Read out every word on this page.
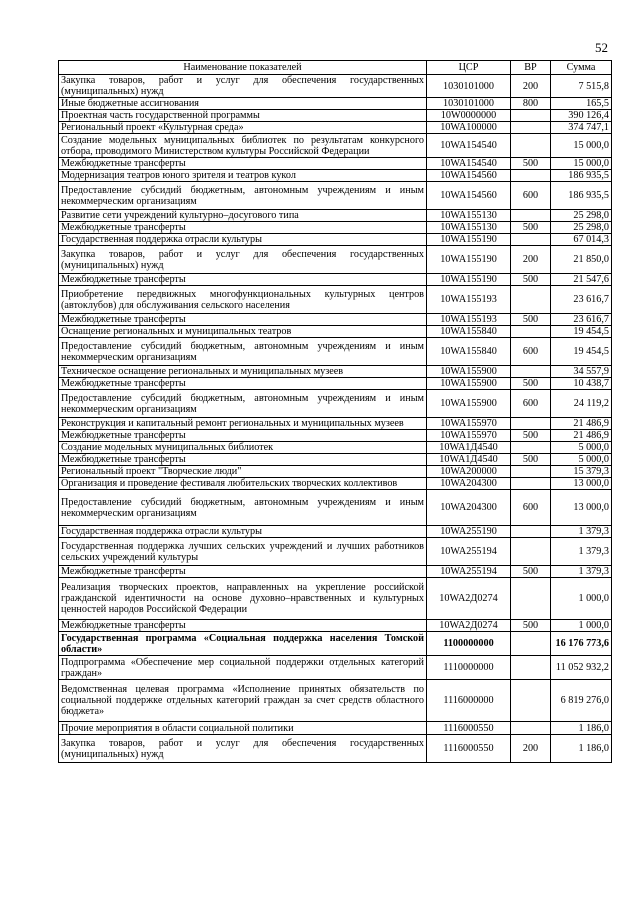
52
Наименование показателей	ЦСР	ВР	Сумма
Закупка товаров, работ и услуг для обеспечения государственных (муниципальных) нужд	1030101000	200	7 515,8
Иные бюджетные ассигнования	1030101000	800	165,5
Проектная часть государственной программы	10W0000000		390 126,4
Региональный проект «Культурная среда»	10WA100000		374 747,1
Создание модельных муниципальных библиотек по результатам конкурсного отбора, проводимого Министерством культуры Российской Федерации	10WA154540		15 000,0
Межбюджетные трансферты	10WA154540	500	15 000,0
Модернизация театров юного зрителя и театров кукол	10WA154560		186 935,5
Предоставление субсидий бюджетным, автономным учреждениям и иным некоммерческим организациям	10WA154560	600	186 935,5
Развитие сети учреждений культурно–досугового типа	10WA155130		25 298,0
Межбюджетные трансферты	10WA155130	500	25 298,0
Государственная поддержка отрасли культуры	10WA155190		67 014,3
Закупка товаров, работ и услуг для обеспечения государственных (муниципальных) нужд	10WA155190	200	21 850,0
Межбюджетные трансферты	10WA155190	500	21 547,6
Приобретение передвижных многофункциональных культурных центров (автоклубов) для обслуживания сельского населения	10WA155193		23 616,7
Межбюджетные трансферты	10WA155193	500	23 616,7
Оснащение региональных и муниципальных театров	10WA155840		19 454,5
Предоставление субсидий бюджетным, автономным учреждениям и иным некоммерческим организациям	10WA155840	600	19 454,5
Техническое оснащение региональных и муниципальных музеев	10WA155900		34 557,9
Межбюджетные трансферты	10WA155900	500	10 438,7
Предоставление субсидий бюджетным, автономным учреждениям и иным некоммерческим организациям	10WA155900	600	24 119,2
Реконструкция и капитальный ремонт региональных и муниципальных музеев	10WA155970		21 486,9
Межбюджетные трансферты	10WA155970	500	21 486,9
Создание модельных муниципальных библиотек	10WA1Д4540		5 000,0
Межбюджетные трансферты	10WA1Д4540	500	5 000,0
Региональный проект "Творческие люди"	10WA200000		15 379,3
Организация и проведение фестиваля любительских творческих коллективов	10WA204300		13 000,0
Предоставление субсидий бюджетным, автономным учреждениям и иным некоммерческим организациям	10WA204300	600	13 000,0
Государственная поддержка отрасли культуры	10WA255190		1 379,3
Государственная поддержка лучших сельских учреждений и лучших работников сельских учреждений культуры	10WA255194		1 379,3
Межбюджетные трансферты	10WA255194	500	1 379,3
Реализация творческих проектов, направленных на укрепление российской гражданской идентичности на основе духовно–нравственных и культурных ценностей народов Российской Федерации	10WA2Д0274		1 000,0
Межбюджетные трансферты	10WA2Д0274	500	1 000,0
Государственная программа «Социальная поддержка населения Томской области»	1100000000		16 176 773,6
Подпрограмма «Обеспечение мер социальной поддержки отдельных категорий граждан»	1110000000		11 052 932,2
Ведомственная целевая программа «Исполнение принятых обязательств по социальной поддержке отдельных категорий граждан за счет средств областного бюджета»	1116000000		6 819 276,0
Прочие мероприятия в области социальной политики	1116000550		1 186,0
Закупка товаров, работ и услуг для обеспечения государственных (муниципальных) нужд	1116000550	200	1 186,0
